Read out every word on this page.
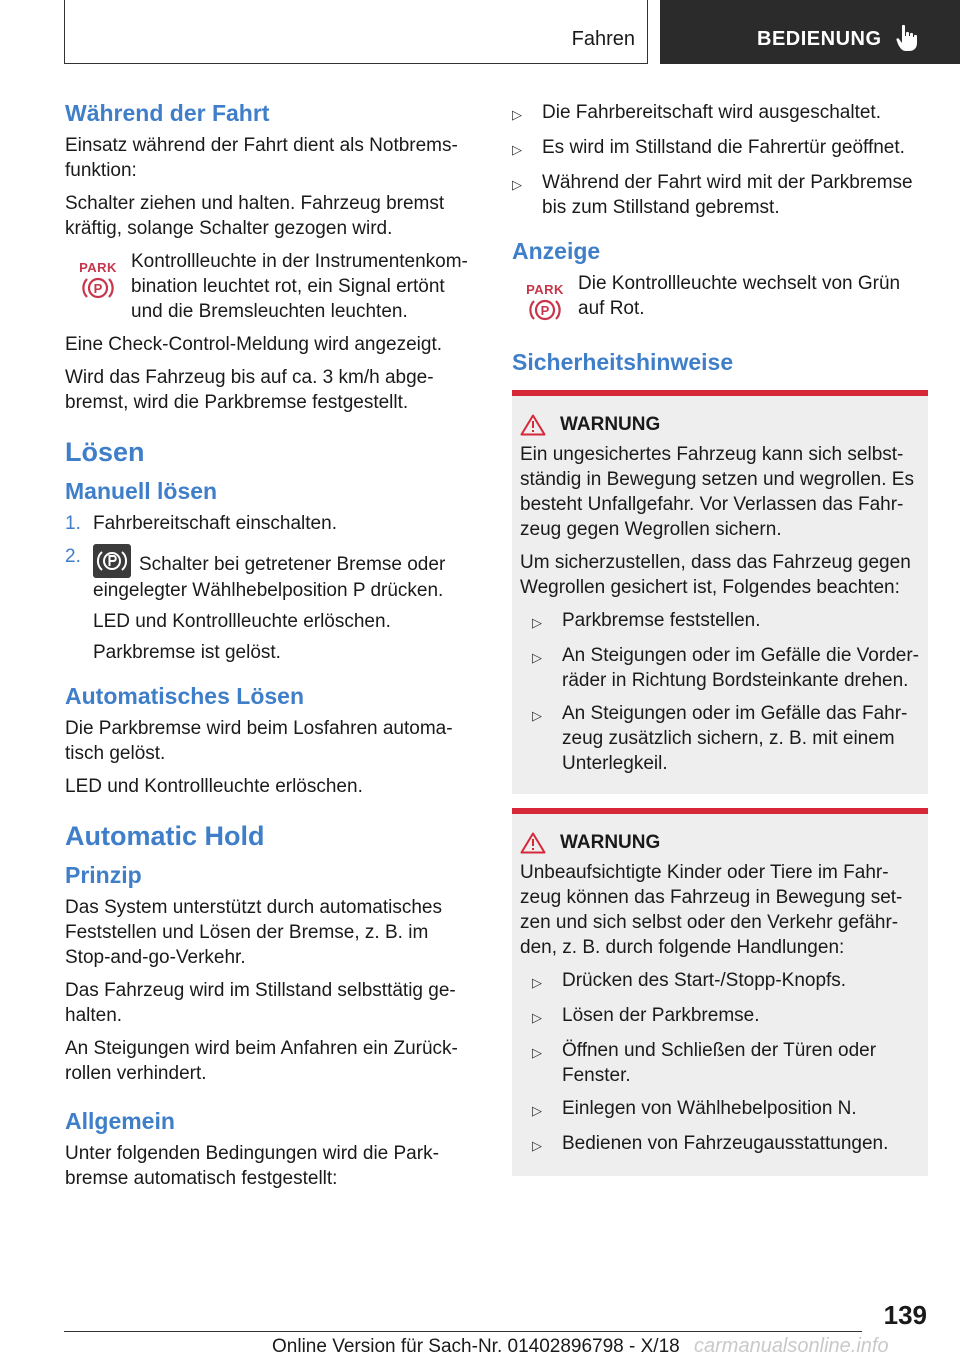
Fahren	BEDIENUNG
Während der Fahrt

Einsatz während der Fahrt dient als Notbrems-funktion:

Schalter ziehen und halten. Fahrzeug bremst kräftig, solange Schalter gezogen wird.

PARK
P
Kontrollleuchte in der Instrumentenkom-bination leuchtet rot, ein Signal ertönt und die Bremsleuchten leuchten.

Eine Check-Control-Meldung wird angezeigt.

Wird das Fahrzeug bis auf ca. 3 km/h abge-bremst, wird die Parkbremse festgestellt.

Lösen
Manuell lösen
1. Fahrbereitschaft einschalten.
2.	Schalter bei getretener Bremse oder eingelegter Wählhebelposition P drücken.
LED und Kontrollleuchte erlöschen.
Parkbremse ist gelöst.
Automatisches Lösen

Die Parkbremse wird beim Losfahren automa-tisch gelöst.

LED und Kontrollleuchte erlöschen.

Automatic Hold
Prinzip

Das System unterstützt durch automatisches Feststellen und Lösen der Bremse, z. B. im Stop-and-go-Verkehr.

Das Fahrzeug wird im Stillstand selbsttätig ge-halten.

An Steigungen wird beim Anfahren ein Zurück-rollen verhindert.

Allgemein

Unter folgenden Bedingungen wird die Park-bremse automatisch festgestellt:

▷	Die Fahrbereitschaft wird ausgeschaltet.
▷	Es wird im Stillstand die Fahrertür geöffnet.
▷	Während der Fahrt wird mit der Parkbremse bis zum Stillstand gebremst.
Anzeige
PARK
P
Die Kontrollleuchte wechselt von Grün auf Rot.
Sicherheitshinweise
WARNUNG

Ein ungesichertes Fahrzeug kann sich selbst-ständig in Bewegung setzen und wegrollen. Es besteht Unfallgefahr. Vor Verlassen das Fahr-zeug gegen Wegrollen sichern.

Um sicherzustellen, dass das Fahrzeug gegen Wegrollen gesichert ist, Folgendes beachten:

▷	Parkbremse feststellen.
▷	An Steigungen oder im Gefälle die Vorder-räder in Richtung Bordsteinkante drehen.
▷	An Steigungen oder im Gefälle das Fahr-zeug zusätzlich sichern, z. B. mit einem Unterlegkeil.
WARNUNG

Unbeaufsichtigte Kinder oder Tiere im Fahr-zeug können das Fahrzeug in Bewegung set-zen und sich selbst oder den Verkehr gefähr-den, z. B. durch folgende Handlungen:

▷	Drücken des Start-/Stopp-Knopfs.
▷	Lösen der Parkbremse.
▷	Öffnen und Schließen der Türen oder Fenster.
▷	Einlegen von Wählhebelposition N.
▷	Bedienen von Fahrzeugausstattungen.
139
Online Version für Sach-Nr. 01402896798 - X/18 carmanualsonline.info
